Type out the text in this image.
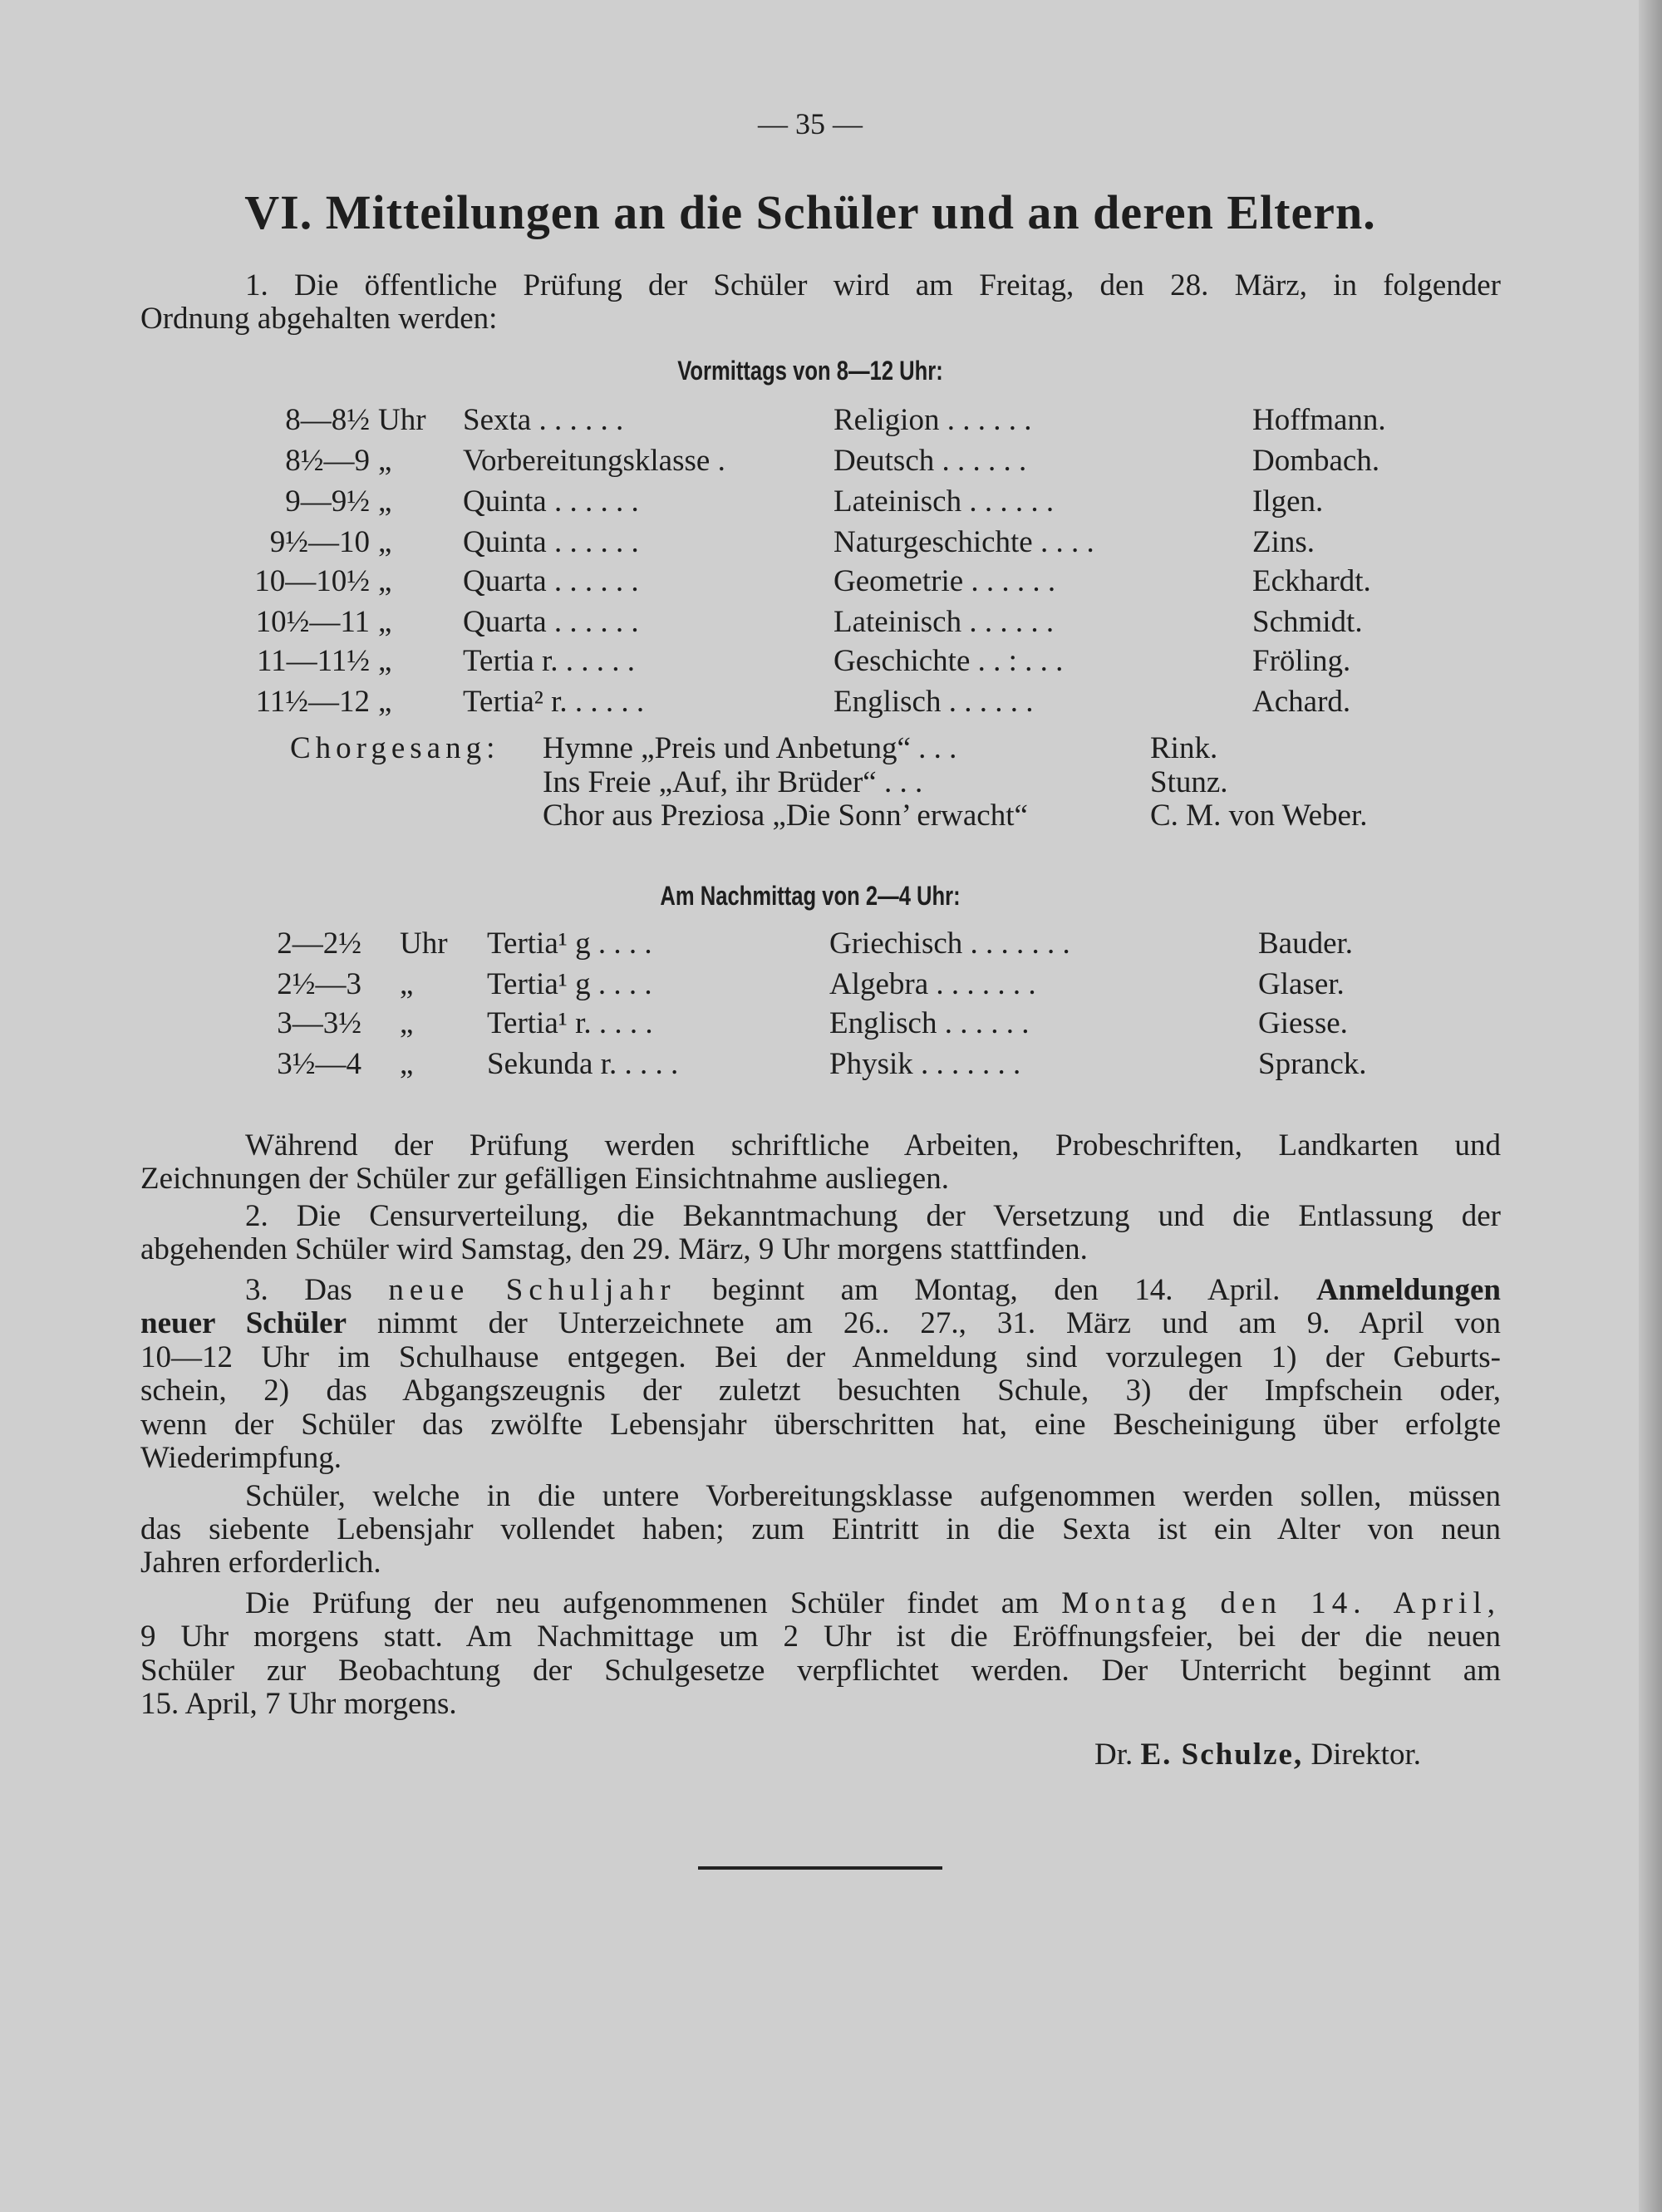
— 35 —
VI. Mitteilungen an die Schüler und an deren Eltern.
1. Die öffentliche Prüfung der Schüler wird am Freitag, den 28. März, in folgender
Ordnung abgehalten werden:
Vormittags von 8—12 Uhr:
8—8½ Uhr Sexta . . . . . .	Religion . . . . . .	Hoffmann.
8½—9 „ Vorbereitungsklasse .	Deutsch . . . . . .	Dombach.
9—9½ „ Quinta . . . . . .	Lateinisch . . . . . .	Ilgen.
9½—10 „ Quinta . . . . . .	Naturgeschichte . . . .	Zins.
10—10½ „ Quarta . . . . . .	Geometrie . . . . . .	Eckhardt.
10½—11 „ Quarta . . . . . .	Lateinisch . . . . . .	Schmidt.
11—11½ „ Tertia r. . . . . .	Geschichte . . : . . .	Fröling.
11½—12 „ Tertia² r. . . . . .	Englisch . . . . . .	Achard.
Chorgesang: Hymne „Preis und Anbetung“ . . .	Rink.
Ins Freie „Auf, ihr Brüder“ . . .	Stunz.
Chor aus Preziosa „Die Sonn’ erwacht“	C. M. von Weber.
Am Nachmittag von 2—4 Uhr:
2—2½ Uhr Tertia¹ g . . . .	Griechisch . . . . . . .	Bauder.
2½—3 „ Tertia¹ g . . . .	Algebra . . . . . . .	Glaser.
3—3½ „ Tertia¹ r. . . . .	Englisch . . . . . .	Giesse.
3½—4 „ Sekunda r. . . . .	Physik . . . . . . .	Spranck.
Während der Prüfung werden schriftliche Arbeiten, Probeschriften, Landkarten und
Zeichnungen der Schüler zur gefälligen Einsichtnahme ausliegen.
2. Die Censurverteilung, die Bekanntmachung der Versetzung und die Entlassung der
abgehenden Schüler wird Samstag, den 29. März, 9 Uhr morgens stattfinden.
3. Das neue Schuljahr beginnt am Montag, den 14. April. Anmeldungen
neuer Schüler nimmt der Unterzeichnete am 26.. 27., 31. März und am 9. April von
10—12 Uhr im Schulhause entgegen. Bei der Anmeldung sind vorzulegen 1) der Geburts-
schein, 2) das Abgangszeugnis der zuletzt besuchten Schule, 3) der Impfschein oder,
wenn der Schüler das zwölfte Lebensjahr überschritten hat, eine Bescheinigung über erfolgte
Wiederimpfung.
Schüler, welche in die untere Vorbereitungsklasse aufgenommen werden sollen, müssen
das siebente Lebensjahr vollendet haben; zum Eintritt in die Sexta ist ein Alter von neun
Jahren erforderlich.
Die Prüfung der neu aufgenommenen Schüler findet am Montag den 14. April,
9 Uhr morgens statt. Am Nachmittage um 2 Uhr ist die Eröffnungsfeier, bei der die neuen
Schüler zur Beobachtung der Schulgesetze verpflichtet werden. Der Unterricht beginnt am
15. April, 7 Uhr morgens.
Dr. E. Schulze, Direktor.
